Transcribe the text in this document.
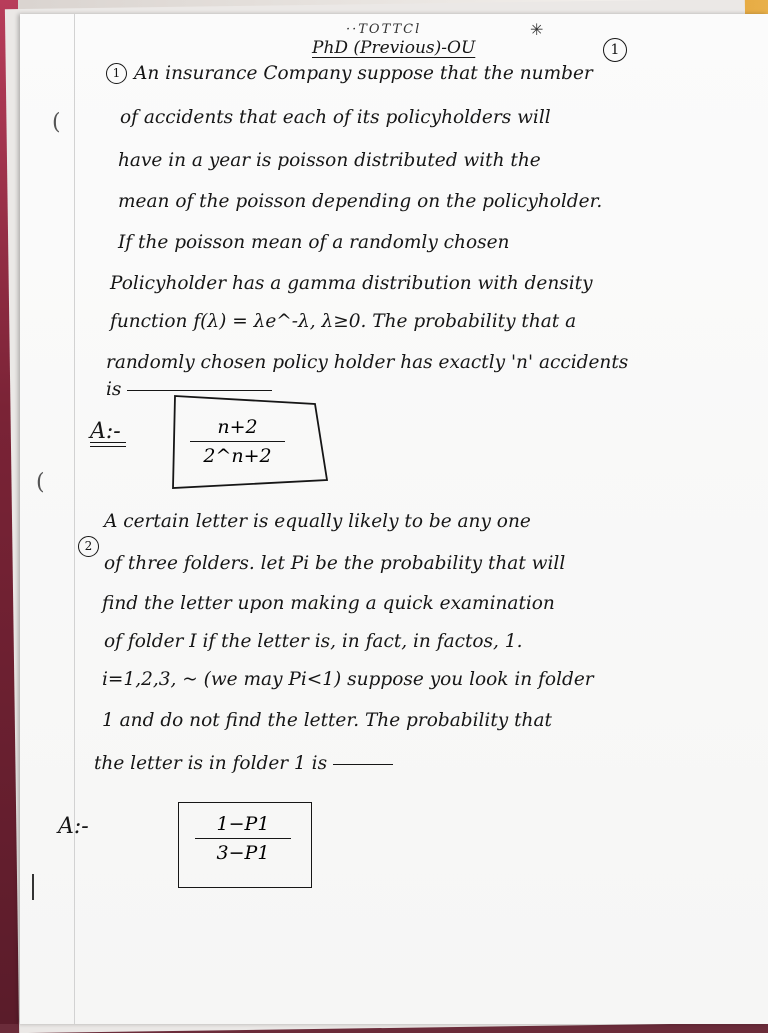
··TOTTCl	✳
PhD (Previous)-OU	1
1 An insurance Company suppose that the number
of accidents that each of its policyholders will
have in a year is poisson distributed with the
mean of the poisson depending on the policyholder.
If the poisson mean of a randomly chosen
Policyholder has a gamma distribution with density
function f(λ) = λe^-λ, λ≥0. The probability that a
randomly chosen policy holder has exactly 'n' accidents
is
A:-	n+2
2^n+2
2
A certain letter is equally likely to be any one
of three folders. let Pi be the probability that will
find the letter upon making a quick examination
of folder I if the letter is, in fact, in factos, 1.
i=1,2,3, ~ (we may Pi<1) suppose you look in folder
1 and do not find the letter. The probability that
the letter is in folder 1 is
A:-	1−P1
3−P1
(
(
